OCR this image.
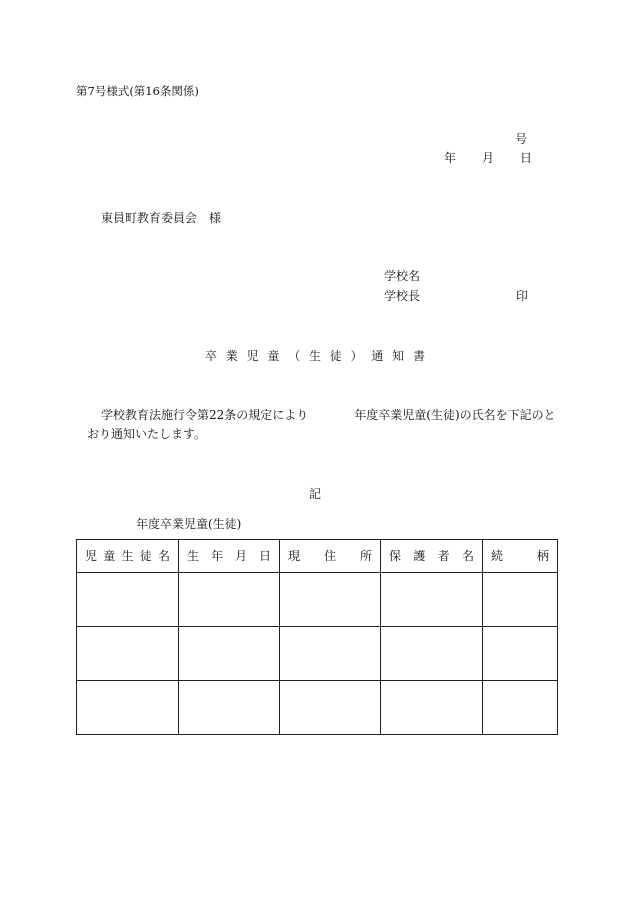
第7号様式(第16条関係)
号
年 月 日
東員町教育委員会 様
学校名
学校長	印
卒 業 児 童 （ 生 徒 ） 通 知 書
学校教育法施行令第22条の規定により	年度卒業児童(生徒)の氏名を下記のと
おり通知いたします。
記
年度卒業児童(生徒)
児 童 生 徒 名	生 年 月 日	現 住 所	保 護 者 名	続 柄
